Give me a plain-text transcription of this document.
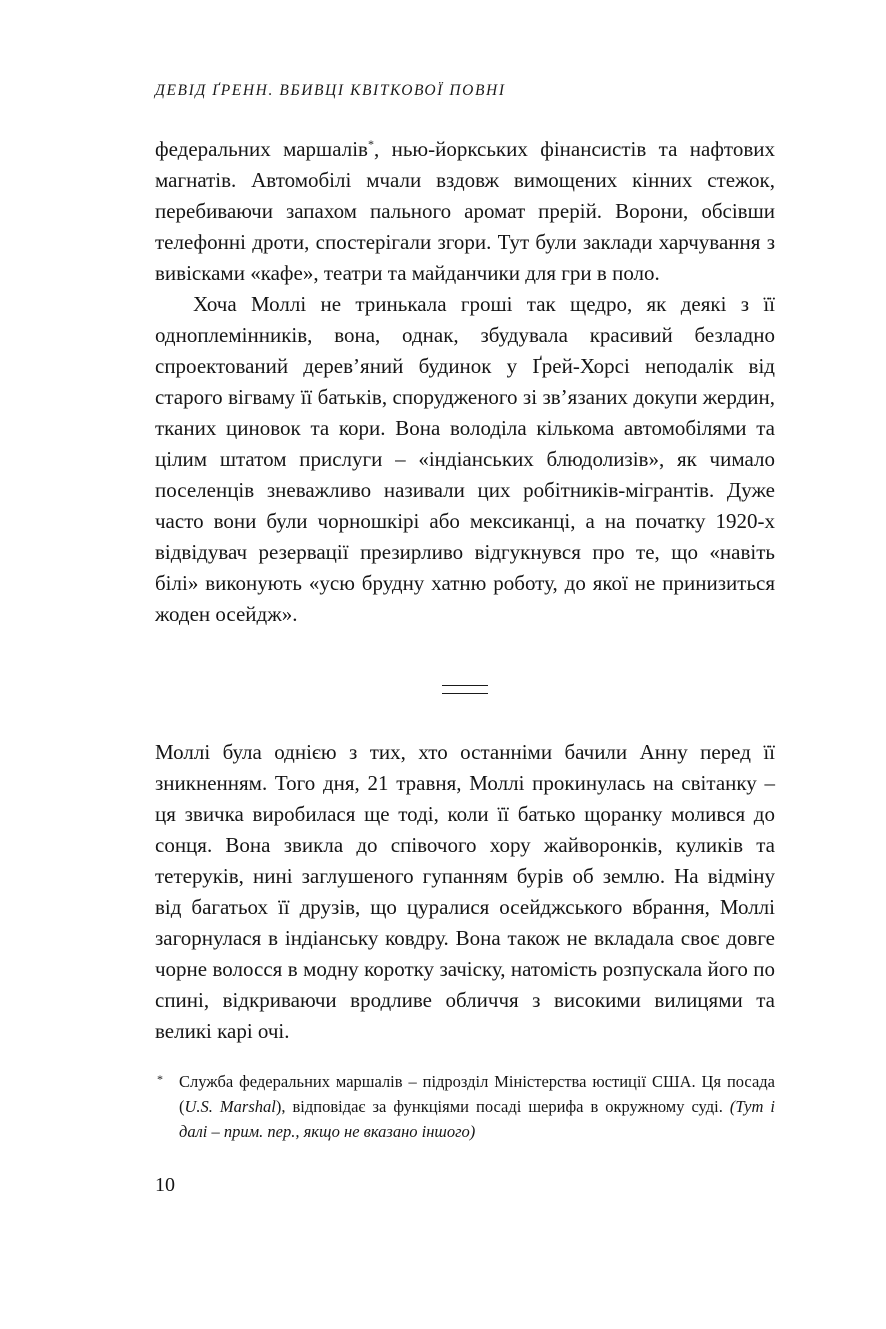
ДЕВІД ҐРЕНН. ВБИВЦІ КВІТКОВОЇ ПОВНІ

федеральних маршалів*, нью-йоркських фінансистів та нафтових магнатів. Автомобілі мчали вздовж вимощених кінних стежок, перебиваючи запахом пального аромат прерій. Ворони, обсівши телефонні дроти, спостерігали згори. Тут були заклади харчування з вивісками «кафе», театри та майданчики для гри в поло.

Хоча Моллі не тринькала гроші так щедро, як деякі з її одноплемінників, вона, однак, збудувала красивий безладно спроектований дерев’яний будинок у Ґрей-Хорсі неподалік від старого вігваму її батьків, спорудженого зі зв’язаних докупи жердин, тканих циновок та кори. Вона володіла кількома автомобілями та цілим штатом прислуги – «індіанських блюдолизів», як чимало поселенців зневажливо називали цих робітників-мігрантів. Дуже часто вони були чорношкірі або мексиканці, а на початку 1920-х відвідувач резервації презирливо відгукнувся про те, що «навіть білі» виконують «усю брудну хатню роботу, до якої не принизиться жоден осейдж».

Моллі була однією з тих, хто останніми бачили Анну перед її зникненням. Того дня, 21 травня, Моллі прокинулась на світанку – ця звичка виробилася ще тоді, коли її батько щоранку молився до сонця. Вона звикла до співочого хору жайворонків, куликів та тетеруків, нині заглушеного гупанням бурів об землю. На відміну від багатьох її друзів, що цуралися осейджського вбрання, Моллі загорнулася в індіанську ковдру. Вона також не вкладала своє довге чорне волосся в модну коротку зачіску, натомість розпускала його по спині, відкриваючи вродливе обличчя з високими вилицями та великі карі очі.

* Служба федеральних маршалів – підрозділ Міністерства юстиції США. Ця посада (U.S. Marshal), відповідає за функціями посаді шерифа в окружному суді. (Тут і далі – прим. пер., якщо не вказано іншого)
10
